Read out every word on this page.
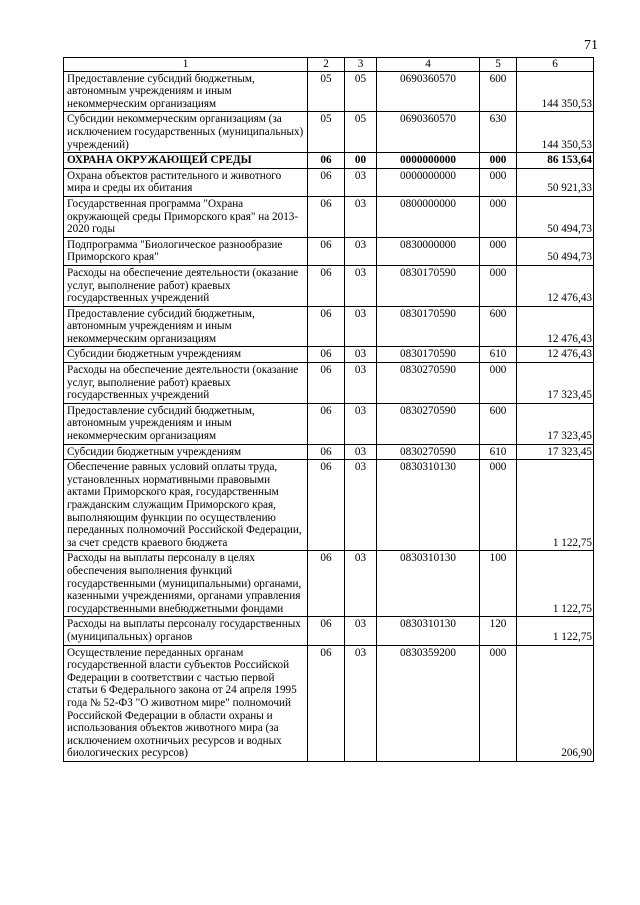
71
1	2	3	4	5	6
Предоставление субсидий бюджетным, автономным учреждениям и иным некоммерческим организациям	05	05	0690360570	600	144 350,53
Субсидии некоммерческим организациям (за исключением государственных (муниципальных) учреждений)	05	05	0690360570	630	144 350,53
ОХРАНА ОКРУЖАЮЩЕЙ СРЕДЫ	06	00	0000000000	000	86 153,64
Охрана объектов растительного и животного мира и среды их обитания	06	03	0000000000	000	50 921,33
Государственная программа "Охрана окружающей среды Приморского края" на 2013-2020 годы	06	03	0800000000	000	50 494,73
Подпрограмма "Биологическое разнообразие Приморского края"	06	03	0830000000	000	50 494,73
Расходы на обеспечение деятельности (оказание услуг, выполнение работ) краевых государственных учреждений	06	03	0830170590	000	12 476,43
Предоставление субсидий бюджетным, автономным учреждениям и иным некоммерческим организациям	06	03	0830170590	600	12 476,43
Субсидии бюджетным учреждениям	06	03	0830170590	610	12 476,43
Расходы на обеспечение деятельности (оказание услуг, выполнение работ) краевых государственных учреждений	06	03	0830270590	000	17 323,45
Предоставление субсидий бюджетным, автономным учреждениям и иным некоммерческим организациям	06	03	0830270590	600	17 323,45
Субсидии бюджетным учреждениям	06	03	0830270590	610	17 323,45
Обеспечение равных условий оплаты труда, установленных нормативными правовыми актами Приморского края, государственным гражданским служащим Приморского края, выполняющим функции по осуществлению переданных полномочий Российской Федерации, за счет средств краевого бюджета	06	03	0830310130	000	1 122,75
Расходы на выплаты персоналу в целях обеспечения выполнения функций государственными (муниципальными) органами, казенными учреждениями, органами управления государственными внебюджетными фондами	06	03	0830310130	100	1 122,75
Расходы на выплаты персоналу государственных (муниципальных) органов	06	03	0830310130	120	1 122,75
Осуществление переданных органам государственной власти субъектов Российской Федерации в соответствии с частью первой статьи 6 Федерального закона от 24 апреля 1995 года № 52-ФЗ "О животном мире" полномочий Российской Федерации в области охраны и использования объектов животного мира (за исключением охотничьих ресурсов и водных биологических ресурсов)	06	03	0830359200	000	206,90
